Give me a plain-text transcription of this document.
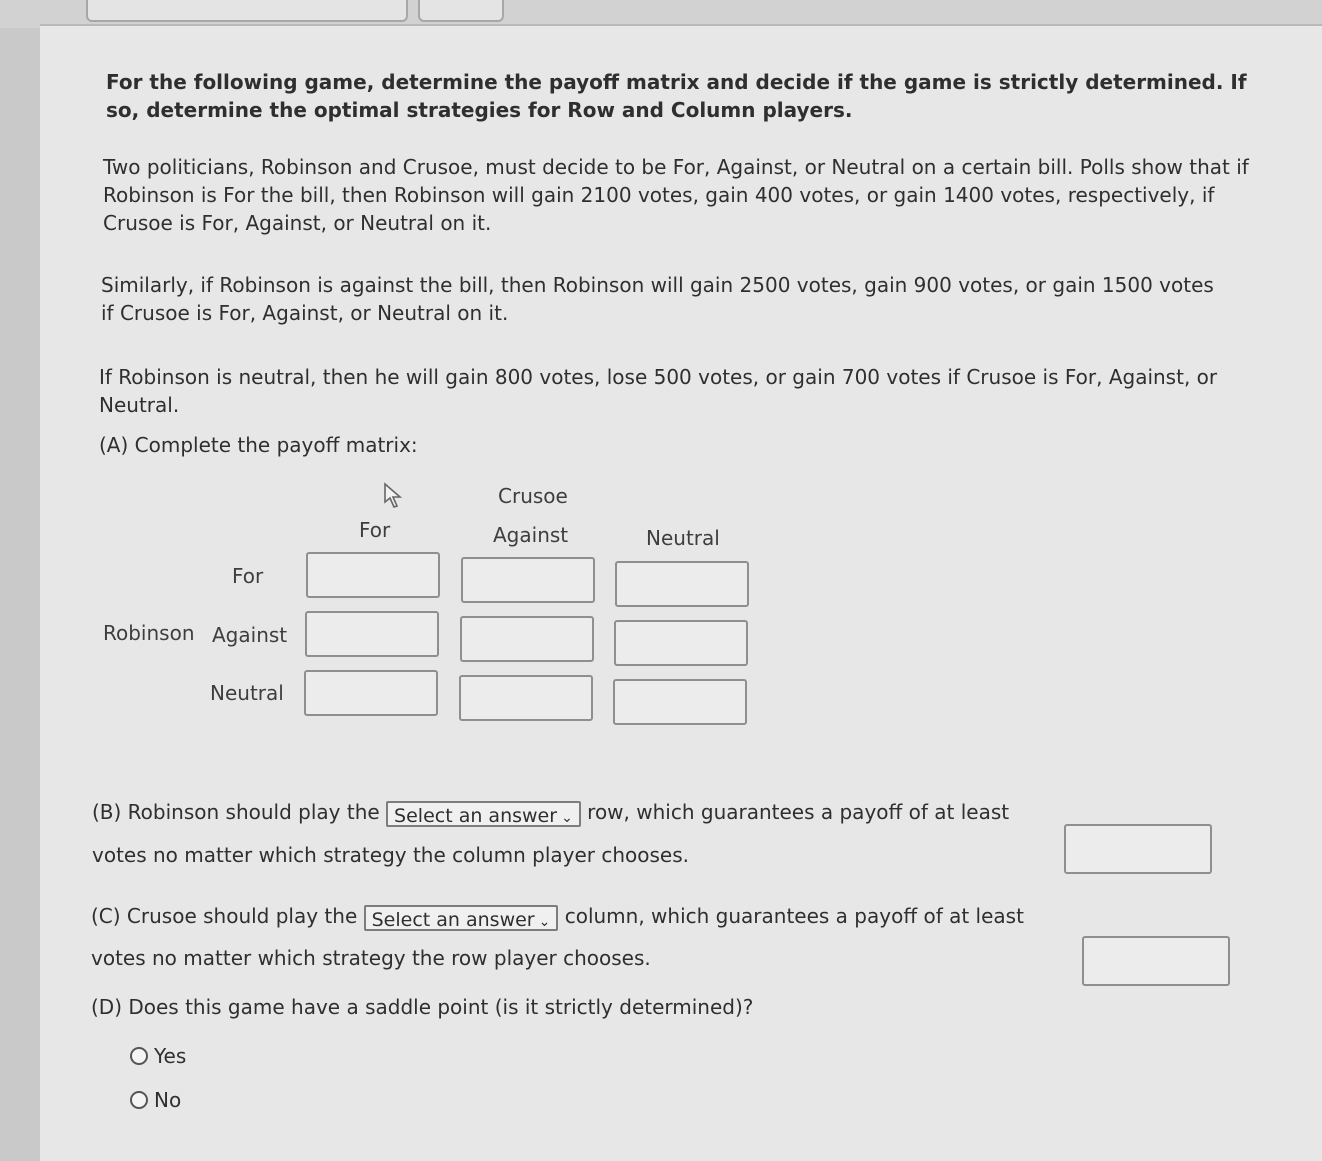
For the following game, determine the payoff matrix and decide if the game is strictly determined. If so, determine the optimal strategies for Row and Column players.

Two politicians, Robinson and Crusoe, must decide to be For, Against, or Neutral on a certain bill. Polls show that if Robinson is For the bill, then Robinson will gain 2100 votes, gain 400 votes, or gain 1400 votes, respectively, if Crusoe is For, Against, or Neutral on it.

Similarly, if Robinson is against the bill, then Robinson will gain 2500 votes, gain 900 votes, or gain 1500 votes if Crusoe is For, Against, or Neutral on it.

If Robinson is neutral, then he will gain 800 votes, lose 500 votes, or gain 700 votes if Crusoe is For, Against, or Neutral.

(A) Complete the payoff matrix:

Crusoe
For	Against	Neutral
For
Robinson Against
Neutral
(B) Robinson should play the Select an answer ⌄ row, which guarantees a payoff of at least

votes no matter which strategy the column player chooses.

(C) Crusoe should play the Select an answer ⌄ column, which guarantees a payoff of at least

votes no matter which strategy the row player chooses.

(D) Does this game have a saddle point (is it strictly determined)?

Yes
No
